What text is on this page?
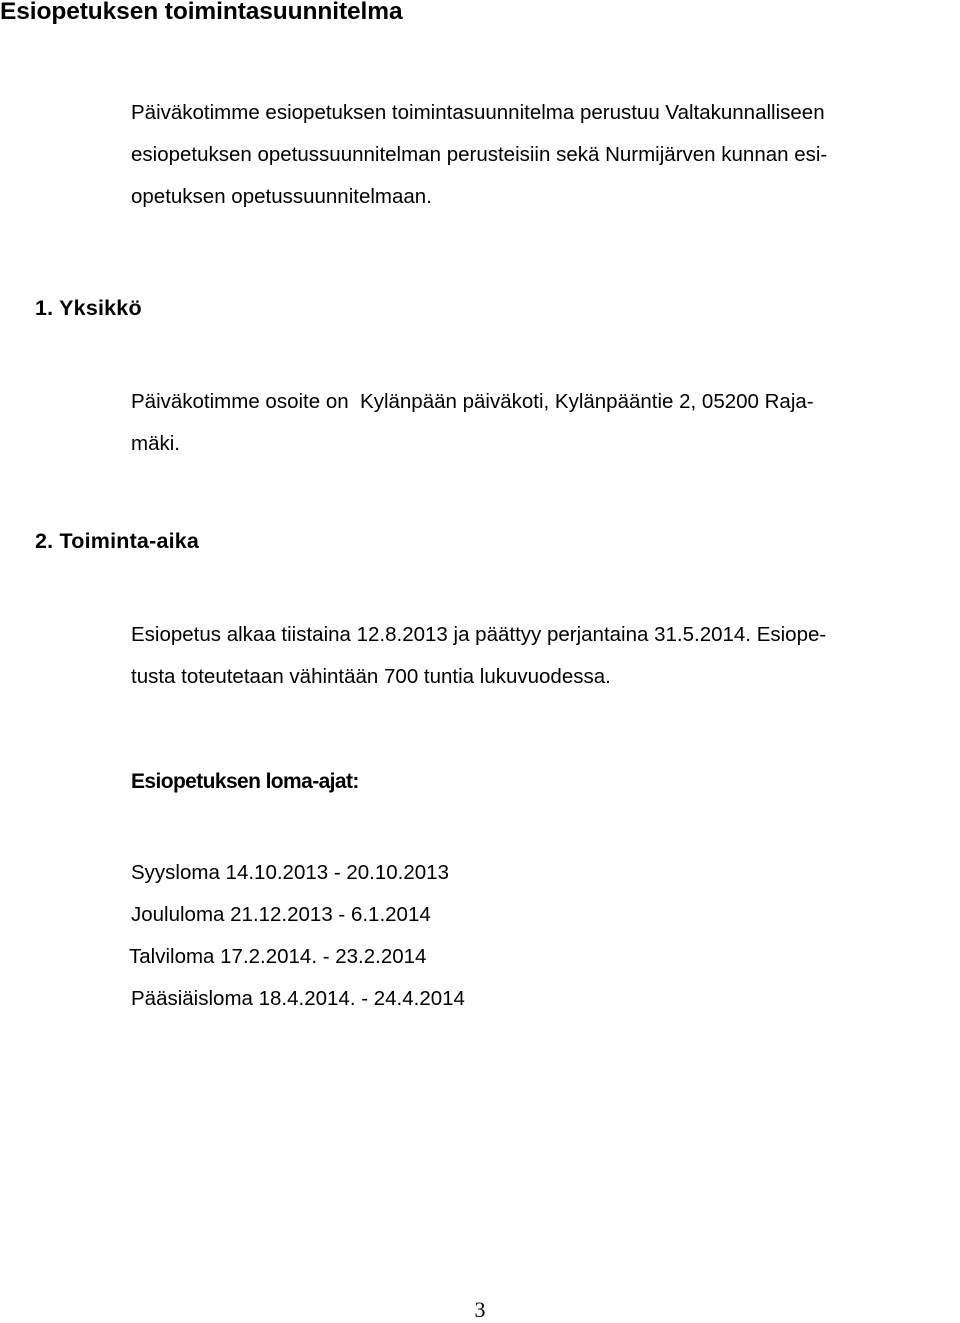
Esiopetuksen toimintasuunnitelma

Päiväkotimme esiopetuksen toimintasuunnitelma perustuu Valtakunnalliseen

esiopetuksen opetussuunnitelman perusteisiin sekä Nurmijärven kunnan esi-

opetuksen opetussuunnitelmaan.

1. Yksikkö

Päiväkotimme osoite on  Kylänpään päiväkoti, Kylänpääntie 2, 05200 Raja-

mäki.

2. Toiminta-aika

Esiopetus alkaa tiistaina 12.8.2013 ja päättyy perjantaina 31.5.2014. Esiope-

tusta toteutetaan vähintään 700 tuntia lukuvuodessa.

Esiopetuksen loma-ajat:

Syysloma 14.10.2013 - 20.10.2013

Joululoma 21.12.2013 - 6.1.2014

Talviloma 17.2.2014. - 23.2.2014

Pääsiäisloma 18.4.2014. - 24.4.2014

3
